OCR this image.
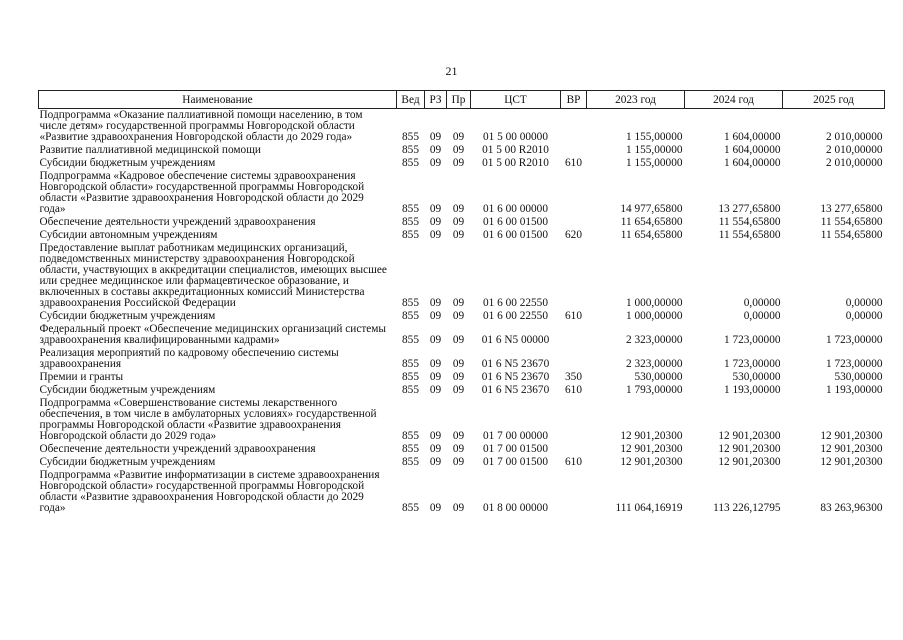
21
Наименование	Вед	РЗ	Пр	ЦСТ	ВР	2023 год	2024 год	2025 год
Подпрограмма «Оказание паллиативной помощи населению, в том числе детям» государственной программы Новгородской области «Развитие здравоохранения Новгородской области до 2029 года»	855	09	09	01 5 00 00000		1 155,00000	1 604,00000	2 010,00000
Развитие паллиативной медицинской помощи	855	09	09	01 5 00 R2010		1 155,00000	1 604,00000	2 010,00000
Субсидии бюджетным учреждениям	855	09	09	01 5 00 R2010	610	1 155,00000	1 604,00000	2 010,00000
Подпрограмма «Кадровое обеспечение системы здравоохранения Новгородской области» государственной программы Новгородской области «Развитие здравоохранения Новгородской области до 2029 года»	855	09	09	01 6 00 00000		14 977,65800	13 277,65800	13 277,65800
Обеспечение деятельности учреждений здравоохранения	855	09	09	01 6 00 01500		11 654,65800	11 554,65800	11 554,65800
Субсидии автономным учреждениям	855	09	09	01 6 00 01500	620	11 654,65800	11 554,65800	11 554,65800
Предоставление выплат работникам медицинских организаций, подведомственных министерству здравоохранения Новгородской области, участвующих в аккредитации специалистов, имеющих высшее или среднее медицинское или фармацевтическое образование, и включенных в составы аккредитационных комиссий Министерства здравоохранения Российской Федерации	855	09	09	01 6 00 22550		1 000,00000	0,00000	0,00000
Субсидии бюджетным учреждениям	855	09	09	01 6 00 22550	610	1 000,00000	0,00000	0,00000
Федеральный проект «Обеспечение медицинских организаций системы здравоохранения квалифицированными кадрами»	855	09	09	01 6 N5 00000		2 323,00000	1 723,00000	1 723,00000
Реализация мероприятий по кадровому обеспечению системы здравоохранения	855	09	09	01 6 N5 23670		2 323,00000	1 723,00000	1 723,00000
Премии и гранты	855	09	09	01 6 N5 23670	350	530,00000	530,00000	530,00000
Субсидии бюджетным учреждениям	855	09	09	01 6 N5 23670	610	1 793,00000	1 193,00000	1 193,00000
Подпрограмма «Совершенствование системы лекарственного обеспечения, в том числе в амбулаторных условиях» государственной программы Новгородской области «Развитие здравоохранения Новгородской области до 2029 года»	855	09	09	01 7 00 00000		12 901,20300	12 901,20300	12 901,20300
Обеспечение деятельности учреждений здравоохранения	855	09	09	01 7 00 01500		12 901,20300	12 901,20300	12 901,20300
Субсидии бюджетным учреждениям	855	09	09	01 7 00 01500	610	12 901,20300	12 901,20300	12 901,20300
Подпрограмма «Развитие информатизации в системе здравоохранения Новгородской области» государственной программы Новгородской области «Развитие здравоохранения Новгородской области до 2029 года»	855	09	09	01 8 00 00000		111 064,16919	113 226,12795	83 263,96300
